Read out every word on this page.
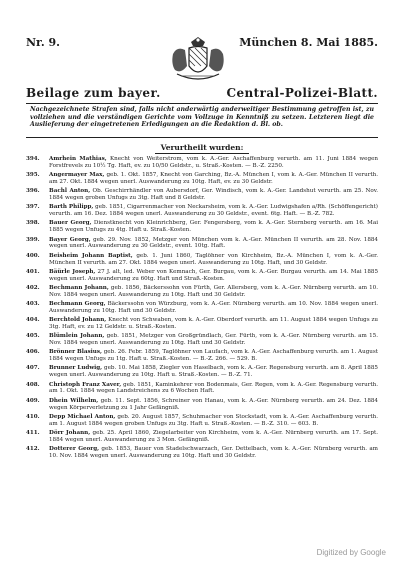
Nr. 9.	München 8. Mai 1885.
Beilage zum bayer.	Central-Polizei-Blatt.
Nachgezeichnete Strafen sind, falls nicht anderwärtig anderweitiger Bestimmung getroffen ist, zu vollziehen und die verständigen Gerichte vom Vollzuge in Kenntniß zu setzen. Letzteren liegt die Auslieferung der eingetretenen Erledigungen an die Redaktion d. Bl. ob.
Verurtheilt wurden:
394. Amrhein Mathias, Knecht von Weiterstrom, vom k. A.-Ger. Aschaffenburg verurth. am 11. Juni 1884 wegen Forstfrevels zu 10½ Tg. Haft, ev. zu 10/50 Geldstr., u. Straß.-Kosten. — B.-Z. 2250.
395. Angermayer Max, geb. 1. Okt. 1857, Knecht von Garching, Bz.-A. München I, vom k. A.-Ger. München II verurth. am 27. Okt. 1884 wegen unerl. Auswanderung zu 10tg. Haft, ev. zu 30 Geldstr.
396. Bachl Anton, Ob. Geschirrhändler von Aubersdorf, Ger. Windisch, vom k. A.-Ger. Landshut verurth. am 25. Nov. 1884 wegen groben Unfugs zu 3tg. Haft und 8 Geldstr.
397. Barth Philipp, geb. 1851, Cigarrenmacher von Neckarsheim, vom k. A.-Ger. Ludwigshafen a/Rh. (Schöffengericht) verurth. am 16. Dez. 1884 wegen unerl. Auswanderung zu 30 Geldstr., event. 6tg. Haft. — B.-Z. 782.
398. Bauer Georg, Dienstknecht von Kleinrichberg, Ger. Fengersberg, vom k. A.-Ger. Sternberg verurth. am 16. Mai 1885 wegen Unfugs zu 4tg. Haft u. Straß.-Kosten.
399. Bayer Georg, geb. 29. Nov. 1852, Metzger von München vom k. A.-Ger. München II verurth. am 28. Nov. 1884 wegen unerl. Auswanderung zu 30 Geldstr., event. 10tg. Haft.
400. Beisheim Johann Baptist, geb. 1. Juni 1860, Taglöhner von Kirchheim, Bz.-A. München I, vom k. A.-Ger. München II verurth. am 27. Okt. 1884 wegen unerl. Auswanderung zu 10tg. Haft, und 30 Geldstr.
401. Bäürle Joseph, 27 J. alt, led. Weber von Kemnach, Ger. Burgau, vom k. A.-Ger. Burgau verurth. am 14. Mai 1885 wegen unerl. Auswanderung zu 60tg. Haft und Straß.-Kosten.
402. Bechmann Johann, geb. 1856, Bäckerssohn von Fürth, Ger. Allersberg, vom k. A.-Ger. Nürnberg verurth. am 10. Nov. 1884 wegen unerl. Auswanderung zu 10tg. Haft und 30 Geldstr.
403. Bechmann Georg, Bäckerssohn von Würzburg, vom k. A.-Ger. Nürnberg verurth. am 10. Nov. 1884 wegen unerl. Auswanderung zu 10tg. Haft und 30 Geldstr.
404. Berchtold Johann, Knecht von Schwaben, vom k. A.-Ger. Oberdorf verurth. am 11. August 1884 wegen Unfugs zu 3tg. Haft, ev. zu 12 Geldstr. u. Straß.-Kosten.
405. Blümlein Johann, geb. 1851, Metzger von Großgründlach, Ger. Fürth, vom k. A.-Ger. Nürnberg verurth. am 15. Nov. 1884 wegen unerl. Auswanderung zu 10tg. Haft und 30 Geldstr.
406. Brönner Blasius, geb. 26. Febr. 1859, Taglöhner von Laufach, vom k. A.-Ger. Aschaffenburg verurth. am 1. August 1884 wegen Unfugs zu 1tg. Haft u. Straß.-Kosten. — B.-Z. 266. — 529. B.
407. Brunner Ludwig, geb. 10. Mai 1858, Ziegler von Haselbach, vom k. A.-Ger. Regensburg verurth. am 8. April 1885 wegen unerl. Auswanderung zu 10tg. Haft u. Straß.-Kosten. — B.-Z. 71.
408. Christoph Franz Xaver, geb. 1851, Kaminkehrer von Bodenmais, Ger. Regen, vom k. A.-Ger. Regensburg verurth. am 1. Okt. 1884 wegen Landstreichens zu 6 Wochen Haft.
409. Dhein Wilhelm, geb. 11. Sept. 1856, Schreiner von Hanau, vom k. A.-Ger. Nürnberg verurth. am 24. Dez. 1884 wegen Körperverletzung zu 1 Jahr Gefängniß.
410. Depp Michael Anton, geb. 20. August 1857, Schuhmacher von Stockstadt, vom k. A.-Ger. Aschaffenburg verurth. am 1. August 1884 wegen groben Unfugs zu 3tg. Haft u. Straß.-Kosten. — B.-Z. 310. — 603. B.
411. Dörr Johann, geb. 25. April 1860, Ziegelarbeiter von Kirchheim, vom k. A.-Ger. Nürnberg verurth. am 17. Sept. 1884 wegen unerl. Auswanderung zu 3 Mon. Gefängniß.
412. Dotterer Georg, geb. 1853, Bauer von Stadelschwarzach, Ger. Dettelbach, vom k. A.-Ger. Nürnberg verurth. am 10. Nov. 1884 wegen unerl. Auswanderung zu 10tg. Haft und 30 Geldstr.
Digitized by Google
